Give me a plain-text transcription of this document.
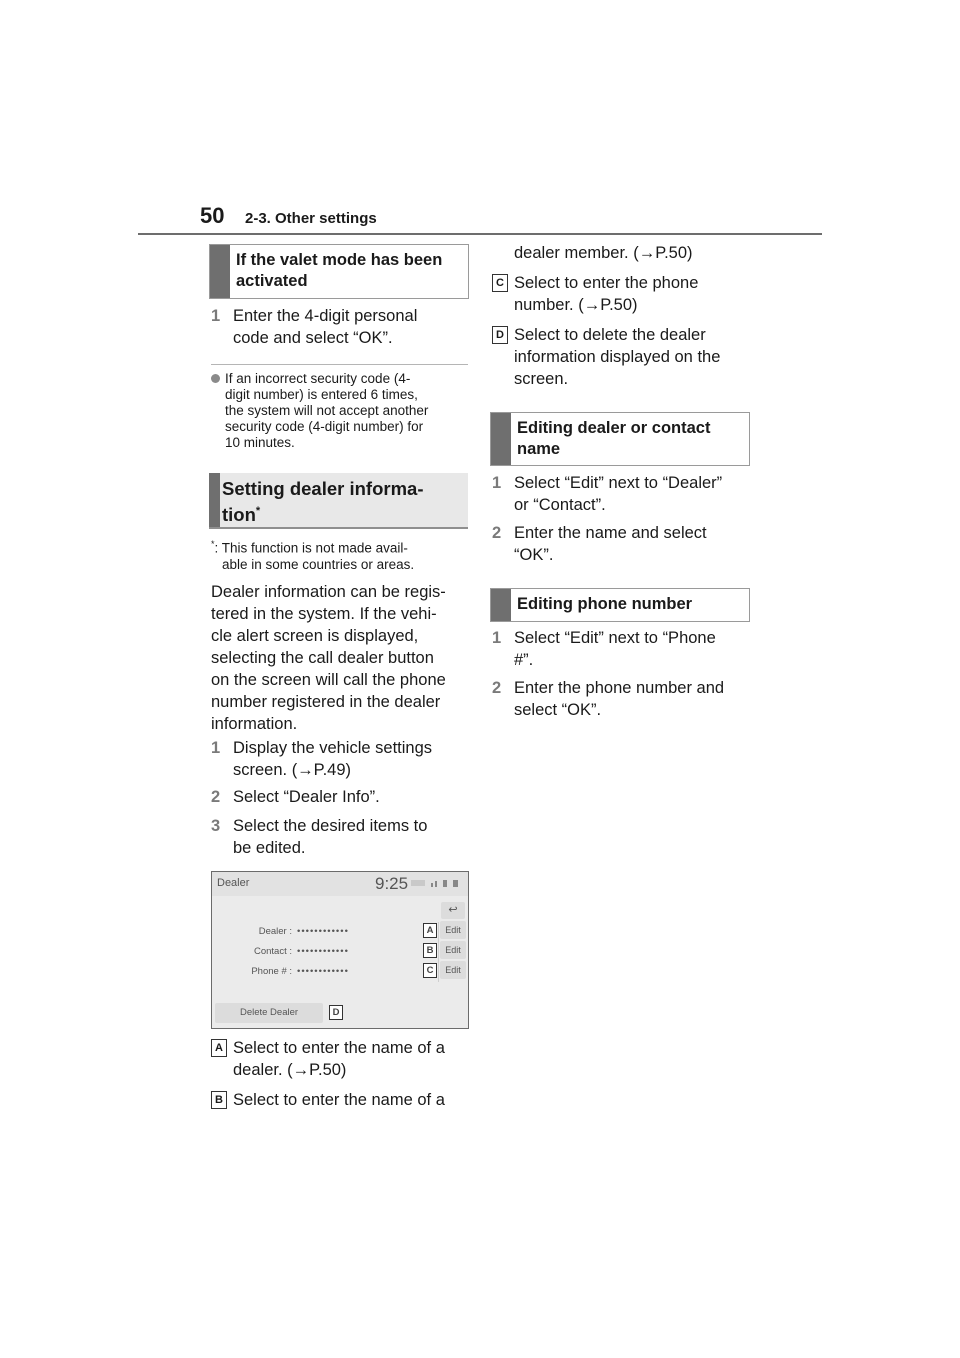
50 2-3. Other settings
If the valet mode has been activated
1 Enter the 4-digit personal
code and select “OK”.
If an incorrect security code (4-
digit number) is entered 6 times,
the system will not accept another
security code (4-digit number) for
10 minutes.
Setting dealer informa-
tion*
*: This function is not made avail-
able in some countries or areas.
Dealer information can be regis-
tered in the system. If the vehi-
cle alert screen is displayed,
selecting the call dealer button
on the screen will call the phone
number registered in the dealer
information.
1 Display the vehicle settings
screen. (→P.49)
2 Select “Dealer Info”.
3 Select the desired items to
be edited.
Dealer	9:25
↩
Dealer : ••••••••••••	A	Edit
Contact : ••••••••••••	B	Edit
Phone # : ••••••••••••	C	Edit
Delete Dealer	D
A Select to enter the name of a
dealer. (→P.50)
B Select to enter the name of a
dealer member. (→P.50)
C Select to enter the phone
number. (→P.50)
D Select to delete the dealer
information displayed on the
screen.
Editing dealer or contact name
1 Select “Edit” next to “Dealer”
or “Contact”.
2 Enter the name and select
“OK”.
Editing phone number
1 Select “Edit” next to “Phone
#”.
2 Enter the phone number and
select “OK”.
